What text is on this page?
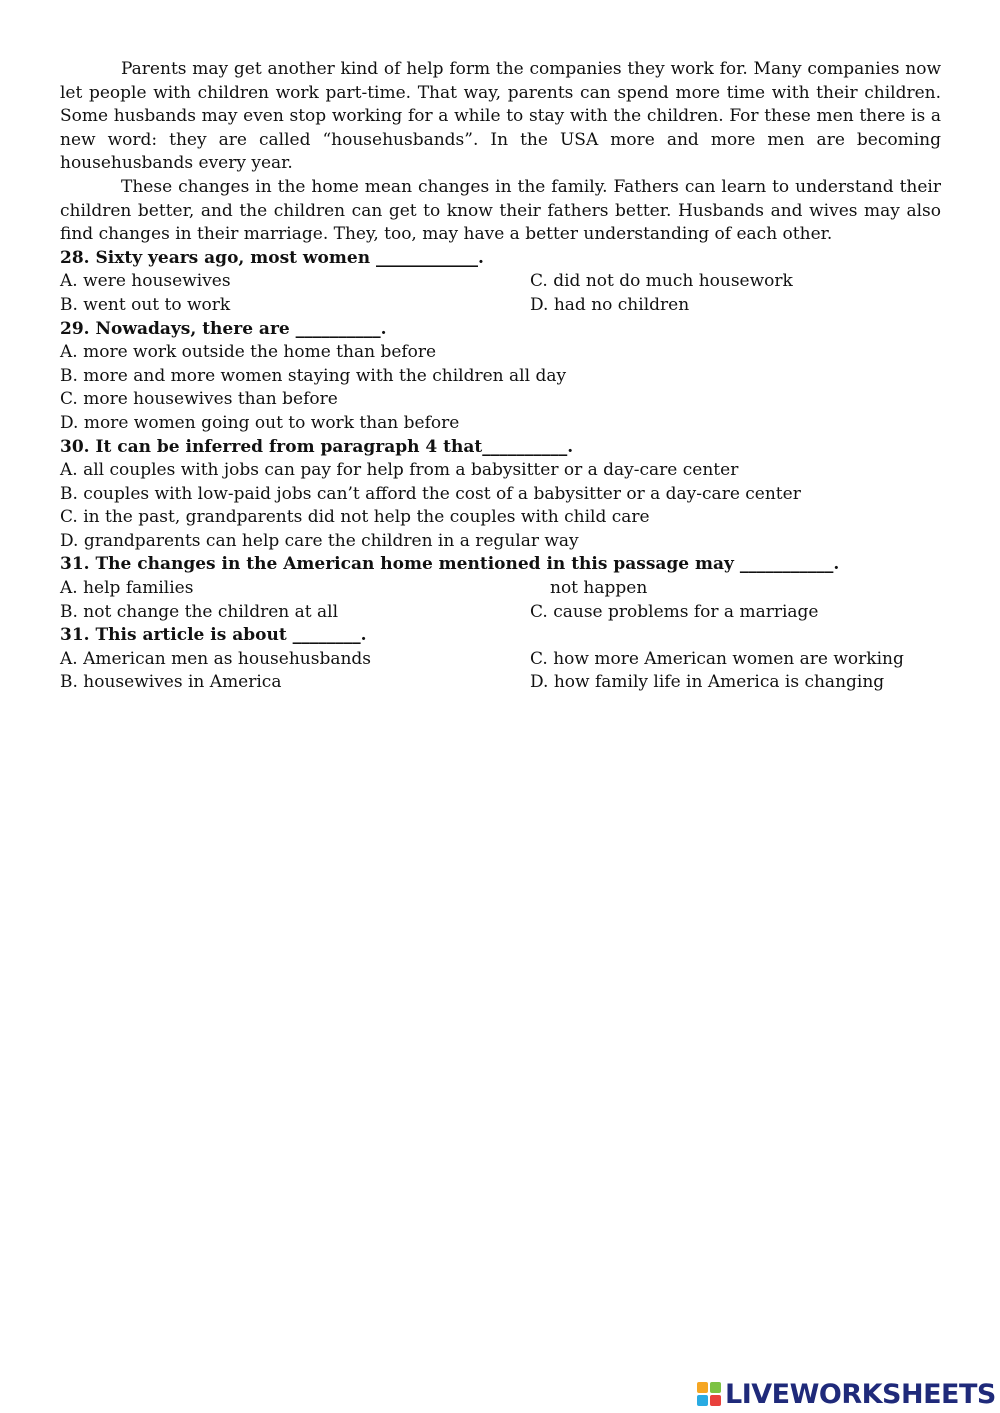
Parents may get another kind of help form the companies they work for. Many companies now let people with children work part-time. That way, parents can spend more time with their children. Some husbands may even stop working for a while to stay with the children. For these men there is a new word: they are called “househusbands”. In the USA more and more men are becoming househusbands every year.

These changes in the home mean changes in the family. Fathers can learn to understand their children better, and the children can get to know their fathers better. Husbands and wives may also find changes in their marriage. They, too, may have a better understanding of each other.

28. Sixty years ago, most women ____________.

A. were housewives	C. did not do much housework
B. went out to work	D. had no children

29. Nowadays, there are __________.

A. more work outside the home than before

B. more and more women staying with the children all day

C. more housewives than before

D. more women going out to work than before

30. It can be inferred from paragraph 4 that__________.

A. all couples with jobs can pay for help from a babysitter or a day-care center

B. couples with low-paid jobs can’t afford the cost of a babysitter or a day-care center

C. in the past, grandparents did not help the couples with child care

D. grandparents can help care the children in a regular way

31. The changes in the American home mentioned in this passage may ___________.

A. help families	not happen
B. not change the children at all	C. cause problems for a marriage

31. This article is about ________.

A. American men as househusbands	C. how more American women are working
B. housewives in America	D. how family life in America is changing
LIVEWORKSHEETS
